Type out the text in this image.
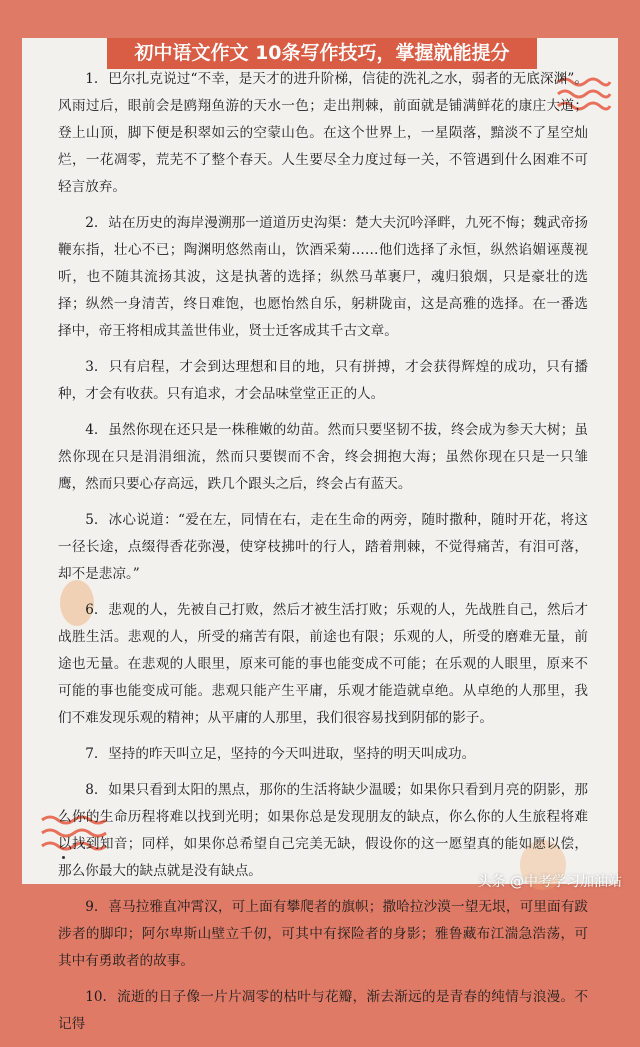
初中语文作文 10条写作技巧，掌握就能提分

1. 巴尔扎克说过“不幸，是天才的进升阶梯，信徒的洗礼之水，弱者的无底深渊”。风雨过后，眼前会是鸥翔鱼游的天水一色；走出荆棘，前面就是铺满鲜花的康庄大道；登上山顶，脚下便是积翠如云的空蒙山色。在这个世界上，一星陨落，黯淡不了星空灿烂，一花凋零，荒芜不了整个春天。人生要尽全力度过每一关，不管遇到什么困难不可轻言放弃。

2. 站在历史的海岸漫溯那一道道历史沟渠：楚大夫沉吟泽畔，九死不悔；魏武帝扬鞭东指，壮心不已；陶渊明悠然南山，饮酒采菊……他们选择了永恒，纵然谄媚诬蔑视听，也不随其流扬其波，这是执著的选择；纵然马革裹尸，魂归狼烟，只是豪壮的选择；纵然一身清苦，终日难饱，也愿怡然自乐，躬耕陇亩，这是高雅的选择。在一番选择中，帝王将相成其盖世伟业，贤士迁客成其千古文章。

3. 只有启程，才会到达理想和目的地，只有拼搏，才会获得辉煌的成功，只有播种，才会有收获。只有追求，才会品味堂堂正正的人。

4. 虽然你现在还只是一株稚嫩的幼苗。然而只要坚韧不拔，终会成为参天大树；虽然你现在只是涓涓细流，然而只要锲而不舍，终会拥抱大海；虽然你现在只是一只雏鹰，然而只要心存高远，跌几个跟头之后，终会占有蓝天。

5. 冰心说道：“爱在左，同情在右，走在生命的两旁，随时撒种，随时开花，将这一径长途，点缀得香花弥漫，使穿枝拂叶的行人，踏着荆棘，不觉得痛苦，有泪可落，却不是悲凉。”

6. 悲观的人，先被自己打败，然后才被生活打败；乐观的人，先战胜自己，然后才战胜生活。悲观的人，所受的痛苦有限，前途也有限；乐观的人，所受的磨难无量，前途也无量。在悲观的人眼里，原来可能的事也能变成不可能；在乐观的人眼里，原来不可能的事也能变成可能。悲观只能产生平庸，乐观才能造就卓绝。从卓绝的人那里，我们不难发现乐观的精神；从平庸的人那里，我们很容易找到阴郁的影子。

7. 坚持的昨天叫立足，坚持的今天叫进取，坚持的明天叫成功。

8. 如果只看到太阳的黑点，那你的生活将缺少温暖；如果你只看到月亮的阴影，那么你的生命历程将难以找到光明；如果你总是发现朋友的缺点，你么你的人生旅程将难以找到知音；同样，如果你总希望自己完美无缺，假设你的这一愿望真的能如愿以偿，那么你最大的缺点就是没有缺点。

9. 喜马拉雅直冲霄汉，可上面有攀爬者的旗帜；撒哈拉沙漠一望无垠，可里面有跋涉者的脚印；阿尔卑斯山壁立千仞，可其中有探险者的身影；雅鲁藏布江湍急浩荡，可其中有勇敢者的故事。

10. 流逝的日子像一片片凋零的枯叶与花瓣，渐去渐远的是青春的纯情与浪漫。不记得

头条 @中考学习加油站
